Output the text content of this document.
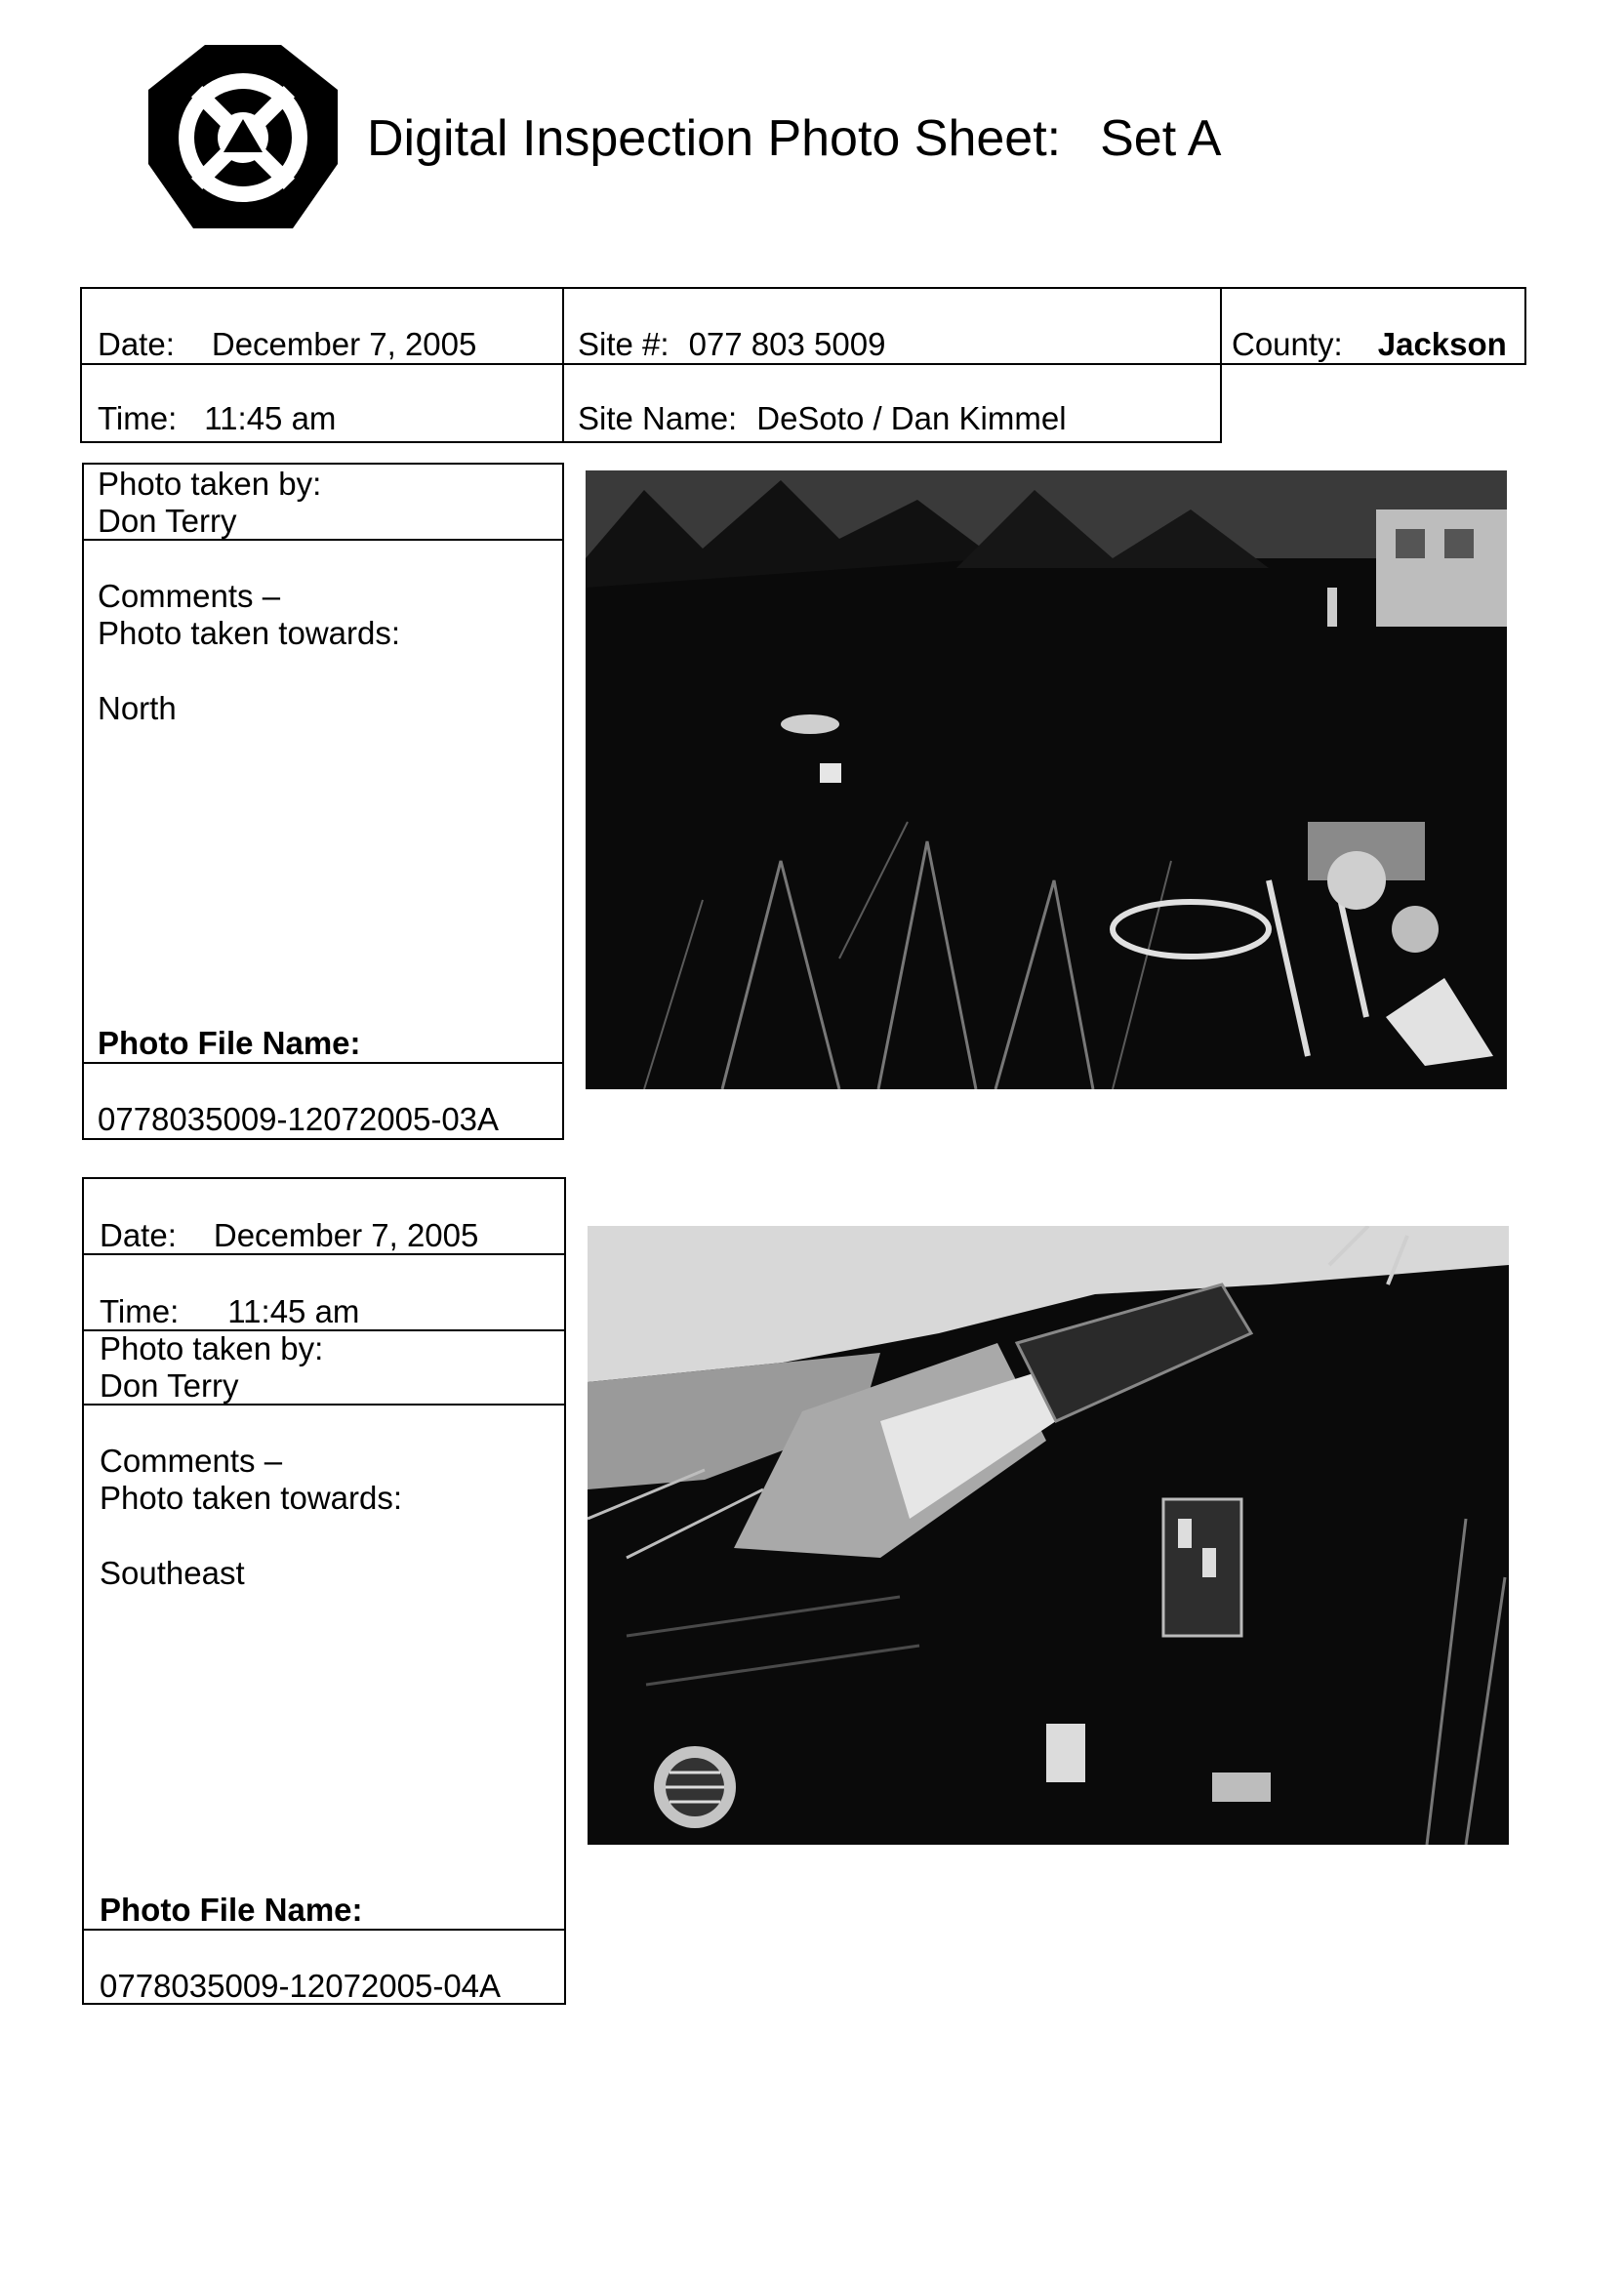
Digital Inspection Photo Sheet: Set A
Date: December 7, 2005
Time: 11:45 am
Site #: 077 803 5009
Site Name: DeSoto / Dan Kimmel
County: Jackson
Photo taken by:
Don Terry
Comments –
Photo taken towards:
North
Photo File Name:
0778035009-12072005-03A
Date: December 7, 2005
Time: 11:45 am
Photo taken by:
Don Terry
Comments –
Photo taken towards:
Southeast
Photo File Name:
0778035009-12072005-04A
